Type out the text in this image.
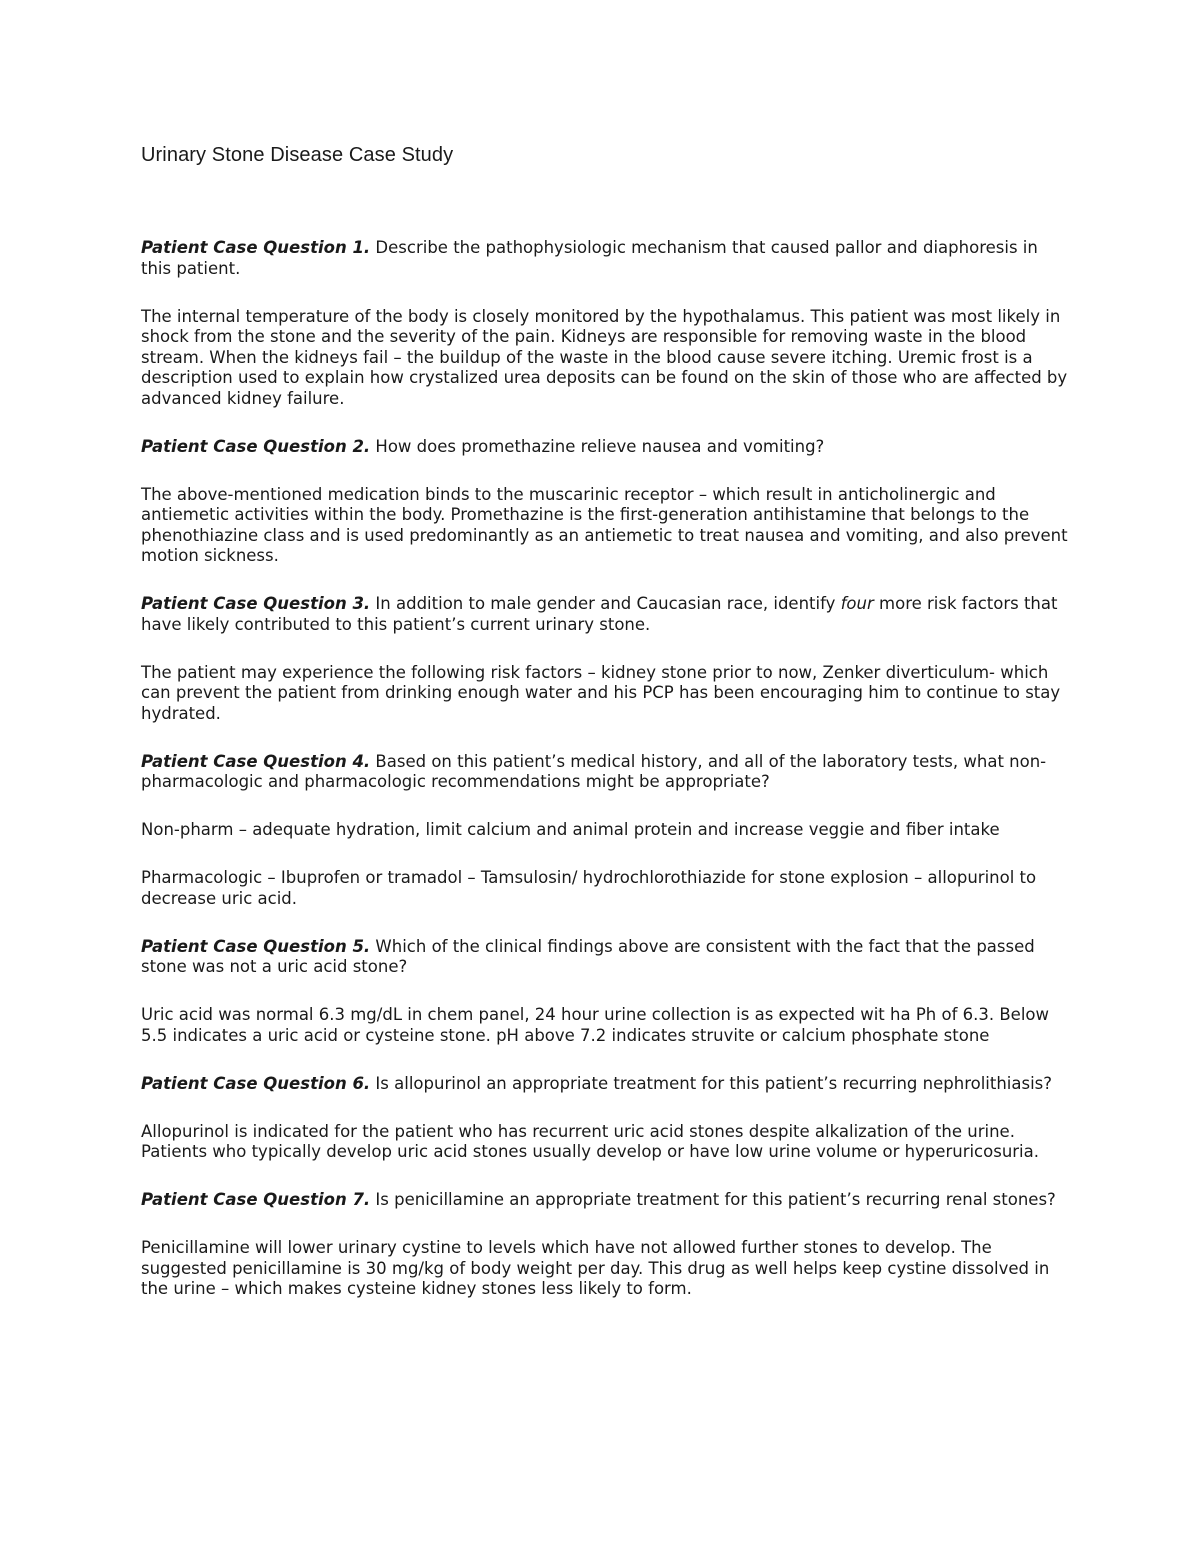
Urinary Stone Disease Case Study

Patient Case Question 1. Describe the pathophysiologic mechanism that caused pallor and diaphoresis in this patient.

The internal temperature of the body is closely monitored by the hypothalamus. This patient was most likely in shock from the stone and the severity of the pain. Kidneys are responsible for removing waste in the blood stream. When the kidneys fail – the buildup of the waste in the blood cause severe itching. Uremic frost is a description used to explain how crystalized urea deposits can be found on the skin of those who are affected by advanced kidney failure.

Patient Case Question 2. How does promethazine relieve nausea and vomiting?

The above-mentioned medication binds to the muscarinic receptor – which result in anticholinergic and antiemetic activities within the body. Promethazine is the first-generation antihistamine that belongs to the phenothiazine class and is used predominantly as an antiemetic to treat nausea and vomiting, and also prevent motion sickness.

Patient Case Question 3. In addition to male gender and Caucasian race, identify four more risk factors that have likely contributed to this patient’s current urinary stone.

The patient may experience the following risk factors – kidney stone prior to now, Zenker diverticulum- which can prevent the patient from drinking enough water and his PCP has been encouraging him to continue to stay hydrated.

Patient Case Question 4. Based on this patient’s medical history, and all of the laboratory tests, what non-pharmacologic and pharmacologic recommendations might be appropriate?

Non-pharm – adequate hydration, limit calcium and animal protein and increase veggie and fiber intake

Pharmacologic – Ibuprofen or tramadol – Tamsulosin/ hydrochlorothiazide for stone explosion – allopurinol to decrease uric acid.

Patient Case Question 5. Which of the clinical findings above are consistent with the fact that the passed stone was not a uric acid stone?

Uric acid was normal 6.3 mg/dL in chem panel, 24 hour urine collection is as expected wit ha Ph of 6.3. Below 5.5 indicates a uric acid or cysteine stone. pH above 7.2 indicates struvite or calcium phosphate stone

Patient Case Question 6. Is allopurinol an appropriate treatment for this patient’s recurring nephrolithiasis?

Allopurinol is indicated for the patient who has recurrent uric acid stones despite alkalization of the urine. Patients who typically develop uric acid stones usually develop or have low urine volume or hyperuricosuria.

Patient Case Question 7. Is penicillamine an appropriate treatment for this patient’s recurring renal stones?

Penicillamine will lower urinary cystine to levels which have not allowed further stones to develop. The suggested penicillamine is 30 mg/kg of body weight per day. This drug as well helps keep cystine dissolved in the urine – which makes cysteine kidney stones less likely to form.
